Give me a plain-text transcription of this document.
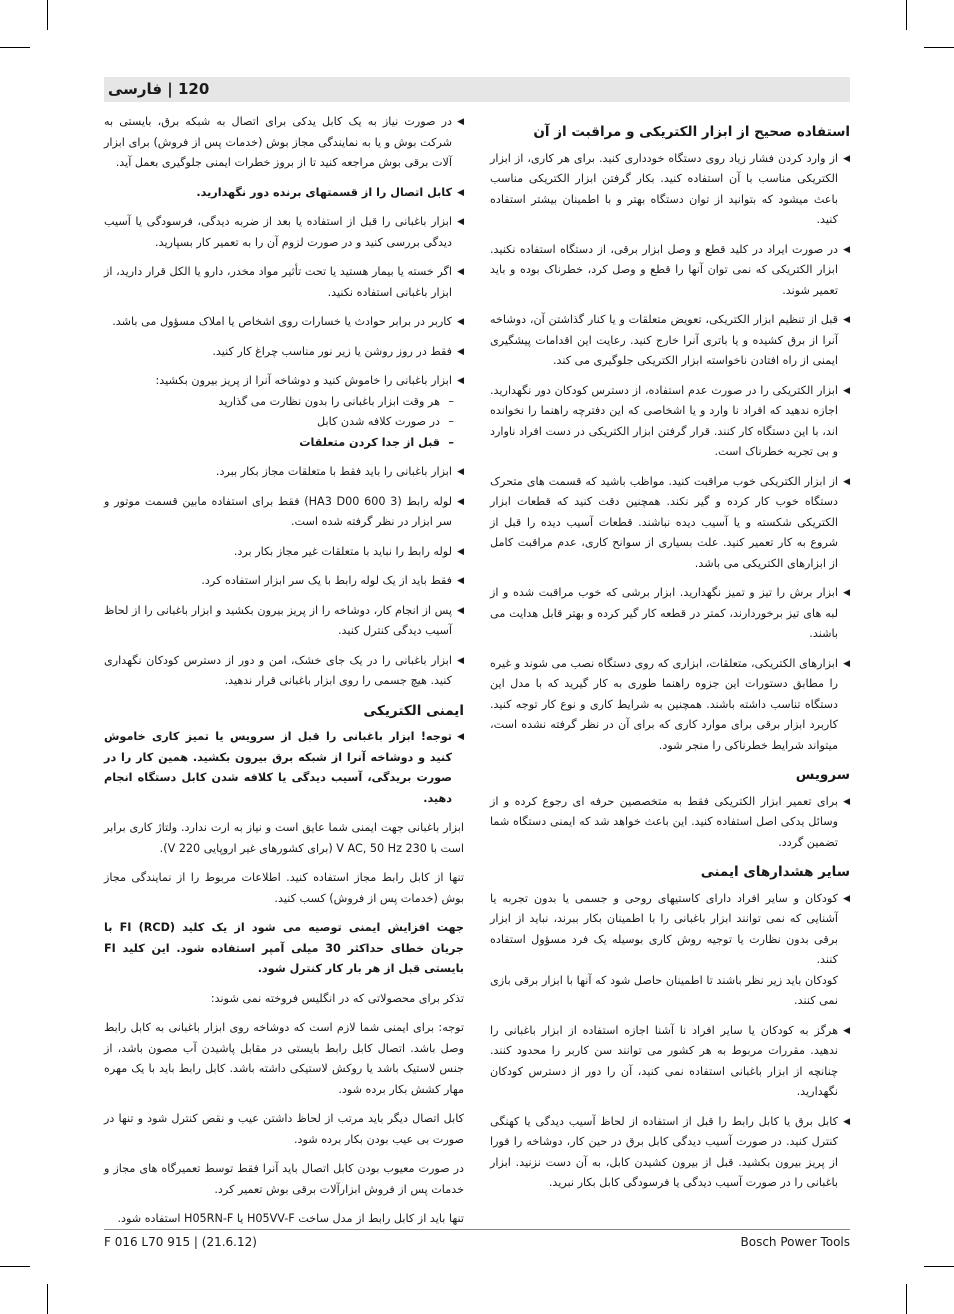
120 | فارسی
استفاده صحیح از ابزار الکتریکی و مراقبت از آن
◀ از وارد کردن فشار زیاد روی دستگاه خودداری کنید. برای هر کاری، از ابزار الکتریکی مناسب با آن استفاده کنید. بکار گرفتن ابزار الکتریکی مناسب باعث میشود که بتوانید از توان دستگاه بهتر و با اطمینان بیشتر استفاده کنید.
◀ در صورت ایراد در کلید قطع و وصل ابزار برقی، از دستگاه استفاده نکنید. ابزار الکتریکی که نمی توان آنها را قطع و وصل کرد، خطرناک بوده و باید تعمیر شوند.
◀ قبل از تنظیم ابزار الکتریکی، تعویض متعلقات و یا کنار گذاشتن آن، دوشاخه آنرا از برق کشیده و یا باتری آنرا خارج کنید. رعایت این اقدامات پیشگیری ایمنی از راه افتادن ناخواسته ابزار الکتریکی جلوگیری می کند.
◀ ابزار الکتریکی را در صورت عدم استفاده، از دسترس کودکان دور نگهدارید. اجازه ندهید که افراد نا وارد و یا اشخاصی که این دفترچه راهنما را نخوانده اند، با این دستگاه کار کنند. قرار گرفتن ابزار الکتریکی در دست افراد ناوارد و بی تجربه خطرناک است.
◀ از ابزار الکتریکی خوب مراقبت کنید. مواظب باشید که قسمت های متحرک دستگاه خوب کار کرده و گیر نکند. همچنین دقت کنید که قطعات ابزار الکتریکی شکسته و یا آسیب دیده نباشند. قطعات آسیب دیده را قبل از شروع به کار تعمیر کنید. علت بسیاری از سوانح کاری، عدم مراقبت کامل از ابزارهای الکتریکی می باشد.
◀ ابزار برش را تیز و تمیز نگهدارید. ابزار برشی که خوب مراقبت شده و از لبه های تیز برخوردارند، کمتر در قطعه کار گیر کرده و بهتر قابل هدایت می باشند.
◀ ابزارهای الکتریکی، متعلقات، ابزاری که روی دستگاه نصب می شوند و غیره را مطابق دستورات این جزوه راهنما طوری به کار گیرید که با مدل این دستگاه تناسب داشته باشند. همچنین به شرایط کاری و نوع کار توجه کنید. کاربرد ابزار برقی برای موارد کاری که برای آن در نظر گرفته نشده است، میتواند شرایط خطرناکی را منجر شود.
سرویس
◀ برای تعمیر ابزار الکتریکی فقط به متخصصین حرفه ای رجوع کرده و از وسائل یدکی اصل استفاده کنید. این باعث خواهد شد که ایمنی دستگاه شما تضمین گردد.
سایر هشدارهای ایمنی
◀ کودکان و سایر افراد دارای کاستیهای روحی و جسمی یا بدون تجربه یا آشنایی که نمی توانند ابزار باغبانی را با اطمینان بکار ببرند، نباید از ابزار برقی بدون نظارت یا توجیه روش کاری بوسیله یک فرد مسؤول استفاده کنند.
کودکان باید زیر نظر باشند تا اطمینان حاصل شود که آنها با ابزار برقی بازی نمی کنند.
◀ هرگز به کودکان یا سایر افراد نا آشنا اجازه استفاده از ابزار باغبانی را ندهید. مقررات مربوط به هر کشور می توانند سن کاربر را محدود کنند. چنانچه از ابزار باغبانی استفاده نمی کنید، آن را دور از دسترس کودکان نگهدارید.
◀ کابل برق یا کابل رابط را قبل از استفاده از لحاظ آسیب دیدگی یا کهنگی کنترل کنید. در صورت آسیب دیدگی کابل برق در حین کار، دوشاخه را فورا از پریز بیرون بکشید. قبل از بیرون کشیدن کابل، به آن دست نزنید. ابزار باغبانی را در صورت آسیب دیدگی یا فرسودگی کابل بکار نبرید.
◀ در صورت نیاز به یک کابل یدکی برای اتصال به شبکه برق، بایستی به شرکت بوش و یا به نمایندگی مجاز بوش (خدمات پس از فروش) برای ابزار آلات برقی بوش مراجعه کنید تا از بروز خطرات ایمنی جلوگیری بعمل آید.
◀ کابل اتصال را از قسمتهای برنده دور نگهدارید.
◀ ابزار باغبانی را قبل از استفاده یا بعد از ضربه دیدگی، فرسودگی یا آسیب دیدگی بررسی کنید و در صورت لزوم آن را به تعمیر کار بسپارید.
◀ اگر خسته یا بیمار هستید یا تحت تأثیر مواد مخدر، دارو یا الکل قرار دارید، از ابزار باغبانی استفاده نکنید.
◀ کاربر در برابر حوادث یا خسارات روی اشخاص یا املاک مسؤول می باشد.
◀ فقط در روز روشن یا زیر نور مناسب چراغ کار کنید.
◀ ابزار باغبانی را خاموش کنید و دوشاخه آنرا از پریز بیرون بکشید:
– هر وقت ابزار باغبانی را بدون نظارت می گذارید
– در صورت کلافه شدن کابل
– قبل از جدا کردن متعلقات
◀ ابزار باغبانی را باید فقط با متعلقات مجاز بکار ببرد.
◀ لوله رابط (3 600 HA3 D00) فقط برای استفاده مابین قسمت موتور و سر ابزار در نظر گرفته شده است.
◀ لوله رابط را نباید با متعلقات غیر مجاز بکار برد.
◀ فقط باید از یک لوله رابط با یک سر ابزار استفاده کرد.
◀ پس از انجام کار، دوشاخه را از پریز بیرون بکشید و ابزار باغبانی را از لحاظ آسیب دیدگی کنترل کنید.
◀ ابزار باغبانی را در یک جای خشک، امن و دور از دسترس کودکان نگهداری کنید. هیچ جسمی را روی ابزار باغبانی قرار ندهید.
ایمنی الکتریکی
◀ توجه! ابزار باغبانی را قبل از سرویس یا تمیز کاری خاموش کنید و دوشاخه آنرا از شبکه برق بیرون بکشید. همین کار را در صورت بریدگی، آسیب دیدگی یا کلافه شدن کابل دستگاه انجام دهید.
ابزار باغبانی جهت ایمنی شما عایق است و نیاز به ارت ندارد. ولتاژ کاری برابر است با 230 V AC, 50 Hz (برای کشورهای غیر اروپایی 220 V).
تنها از کابل رابط مجاز استفاده کنید. اطلاعات مربوط را از نمایندگی مجاز بوش (خدمات پس از فروش) کسب کنید.
جهت افزایش ایمنی توصیه می شود از یک کلید FI (RCD) با جریان خطای حداکثر 30 میلی آمپر استفاده شود. این کلید FI بایستی قبل از هر بار کار کنترل شود.
تذکر برای محصولاتی که در انگلیس فروخته نمی شوند:
توجه: برای ایمنی شما لازم است که دوشاخه روی ابزار باغبانی به کابل رابط وصل باشد. اتصال کابل رابط بایستی در مقابل پاشیدن آب مصون باشد، از جنس لاستیک باشد یا روکش لاستیکی داشته باشد. کابل رابط باید با یک مهره مهار کشش بکار برده شود.
کابل اتصال دیگر باید مرتب از لحاظ داشتن عیب و نقص کنترل شود و تنها در صورت بی عیب بودن بکار برده شود.
در صورت معیوب بودن کابل اتصال باید آنرا فقط توسط تعمیرگاه های مجاز و خدمات پس از فروش ابزارآلات برقی بوش تعمیر کرد.
تنها باید از کابل رابط از مدل ساخت H05VV-F یا H05RN-F استفاده شود.
F 016 L70 915 | (21.6.12)	Bosch Power Tools
